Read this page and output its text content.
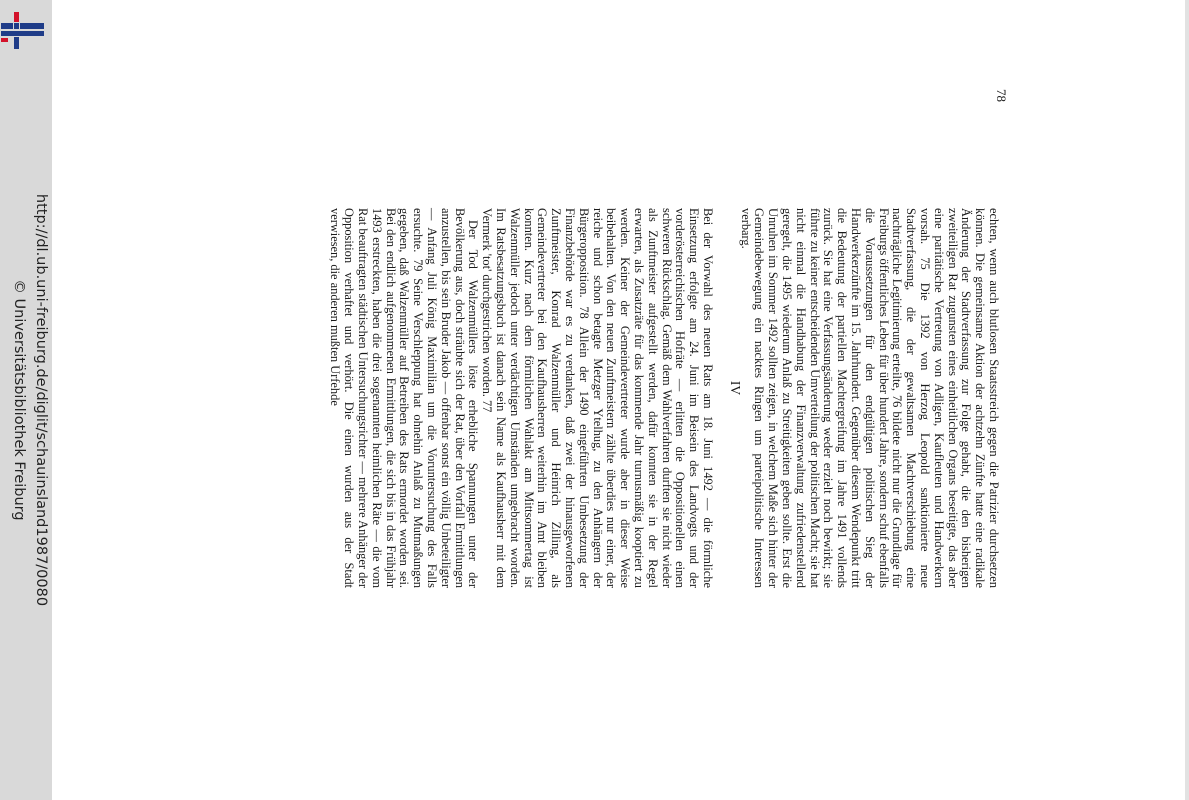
http://dl.ub.uni-freiburg.de/diglit/schauinsland1987/0080
© Universitätsbibliothek Freiburg	echten, wenn auch blutlosen Staatsstreich gegen die Patrizier durchsetzen können. Die gemeinsame Aktion der achtzehn Zünfte hatte eine radikale Änderung der Stadtverfassung zur Folge gehabt, die den bisherigen zweiteiligen Rat zugunsten eines einheitlichen Organs beseitigte, das aber eine paritätische Vertretung von Adligen, Kaufleuten und Handwerkern vorsah. 75 Die 1392 von Herzog Leopold sanktionierte neue Stadtverfassung, die der gewaltsamen Machtverschiebung eine nachträgliche Legitimierung erteilte, 76 bildete nicht nur die Grundlage für Freiburgs öffentliches Leben für über hundert Jahre, sondern schuf ebenfalls die Voraussetzungen für den endgültigen politischen Sieg der Handwerkerzünfte im 15. Jahrhundert. Gegenüber diesem Wendepunkt tritt die Bedeutung der partiellen Machtergreifung im Jahre 1491 vollends zurück. Sie hat eine Verfassungsänderung weder erzielt noch bewirkt; sie führte zu keiner entscheidenden Umverteilung der politischen Macht; sie hat nicht einmal die Handhabung der Finanzverwaltung zufriedenstellend geregelt, die 1495 wiederum Anlaß zu Streitigkeiten geben sollte. Erst die Unruhen im Sommer 1492 sollten zeigen, in welchem Maße sich hinter der Gemeindebewegung ein nacktes Ringen um parteipolitische Interessen verbarg.

IV

Bei der Vorwahl des neuen Rats am 18. Juni 1492 — die förmliche Einsetzung erfolgte am 24. Juni im Beisein des Landvogts und der vorderösterreichischen Hofräte — erlitten die Oppositionellen einen schweren Rückschlag. Gemäß dem Wahlverfahren durften sie nicht wieder als Zunftmeister aufgestellt werden, dafür konnten sie in der Regel erwarten, als Zusatzräte für das kommende Jahr turnusmäßig kooptiert zu werden. Keiner der Gemeindevertreter wurde aber in dieser Weise beibehalten. Von den neuen Zunftmeistern zählte überdies nur einer, der reiche und schon betagte Metzger Ytelhug, zu den Anhängern der Bürgeropposition. 78 Allein der 1490 eingeführten Umbesetzung der Finanzbehörde war es zu verdanken, daß zwei der hinausgeworfenen Zunftmeister, Konrad Walzenmüller und Heinrich Zilling, als Gemeindevertreter bei den Kaufhausherren weiterhin im Amt bleiben konnten. Kurz nach dem förmlichen Wahlakt am Mittsommertag ist Walzenmüller jedoch unter verdächtigen Umständen umgebracht worden. Im Ratsbesatzungsbuch ist danach sein Name als Kaufhausherr mit dem Vermerk 'tot' durchgestrichen worden. 77

Der Tod Walzenmüllers löste erhebliche Spannungen unter der Bevölkerung aus, doch sträubte sich der Rat, über den Vorfall Ermittlungen anzustellen, bis sein Bruder Jakob — offenbar sonst ein völlig Unbeteiligter — Anfang Juli König Maximilian um die Voruntersuchung des Falls ersuchte. 79 Seine Verschleppung hat ohnehin Anlaß zu Mutmaßungen gegeben, daß Walzenmüller auf Betreiben des Rats ermordet worden sei. Bei den endlich aufgenommenen Ermittlungen, die sich bis in das Frühjahr 1493 erstreckten, haben die drei sogenannten heimlichen Räte — die vom Rat beauftragten städtischen Untersuchungsrichter — mehrere Anhänger der Opposition verhaftet und verhört. Die einen wurden aus der Stadt verwiesen, die anderen mußten Urfehde

78
